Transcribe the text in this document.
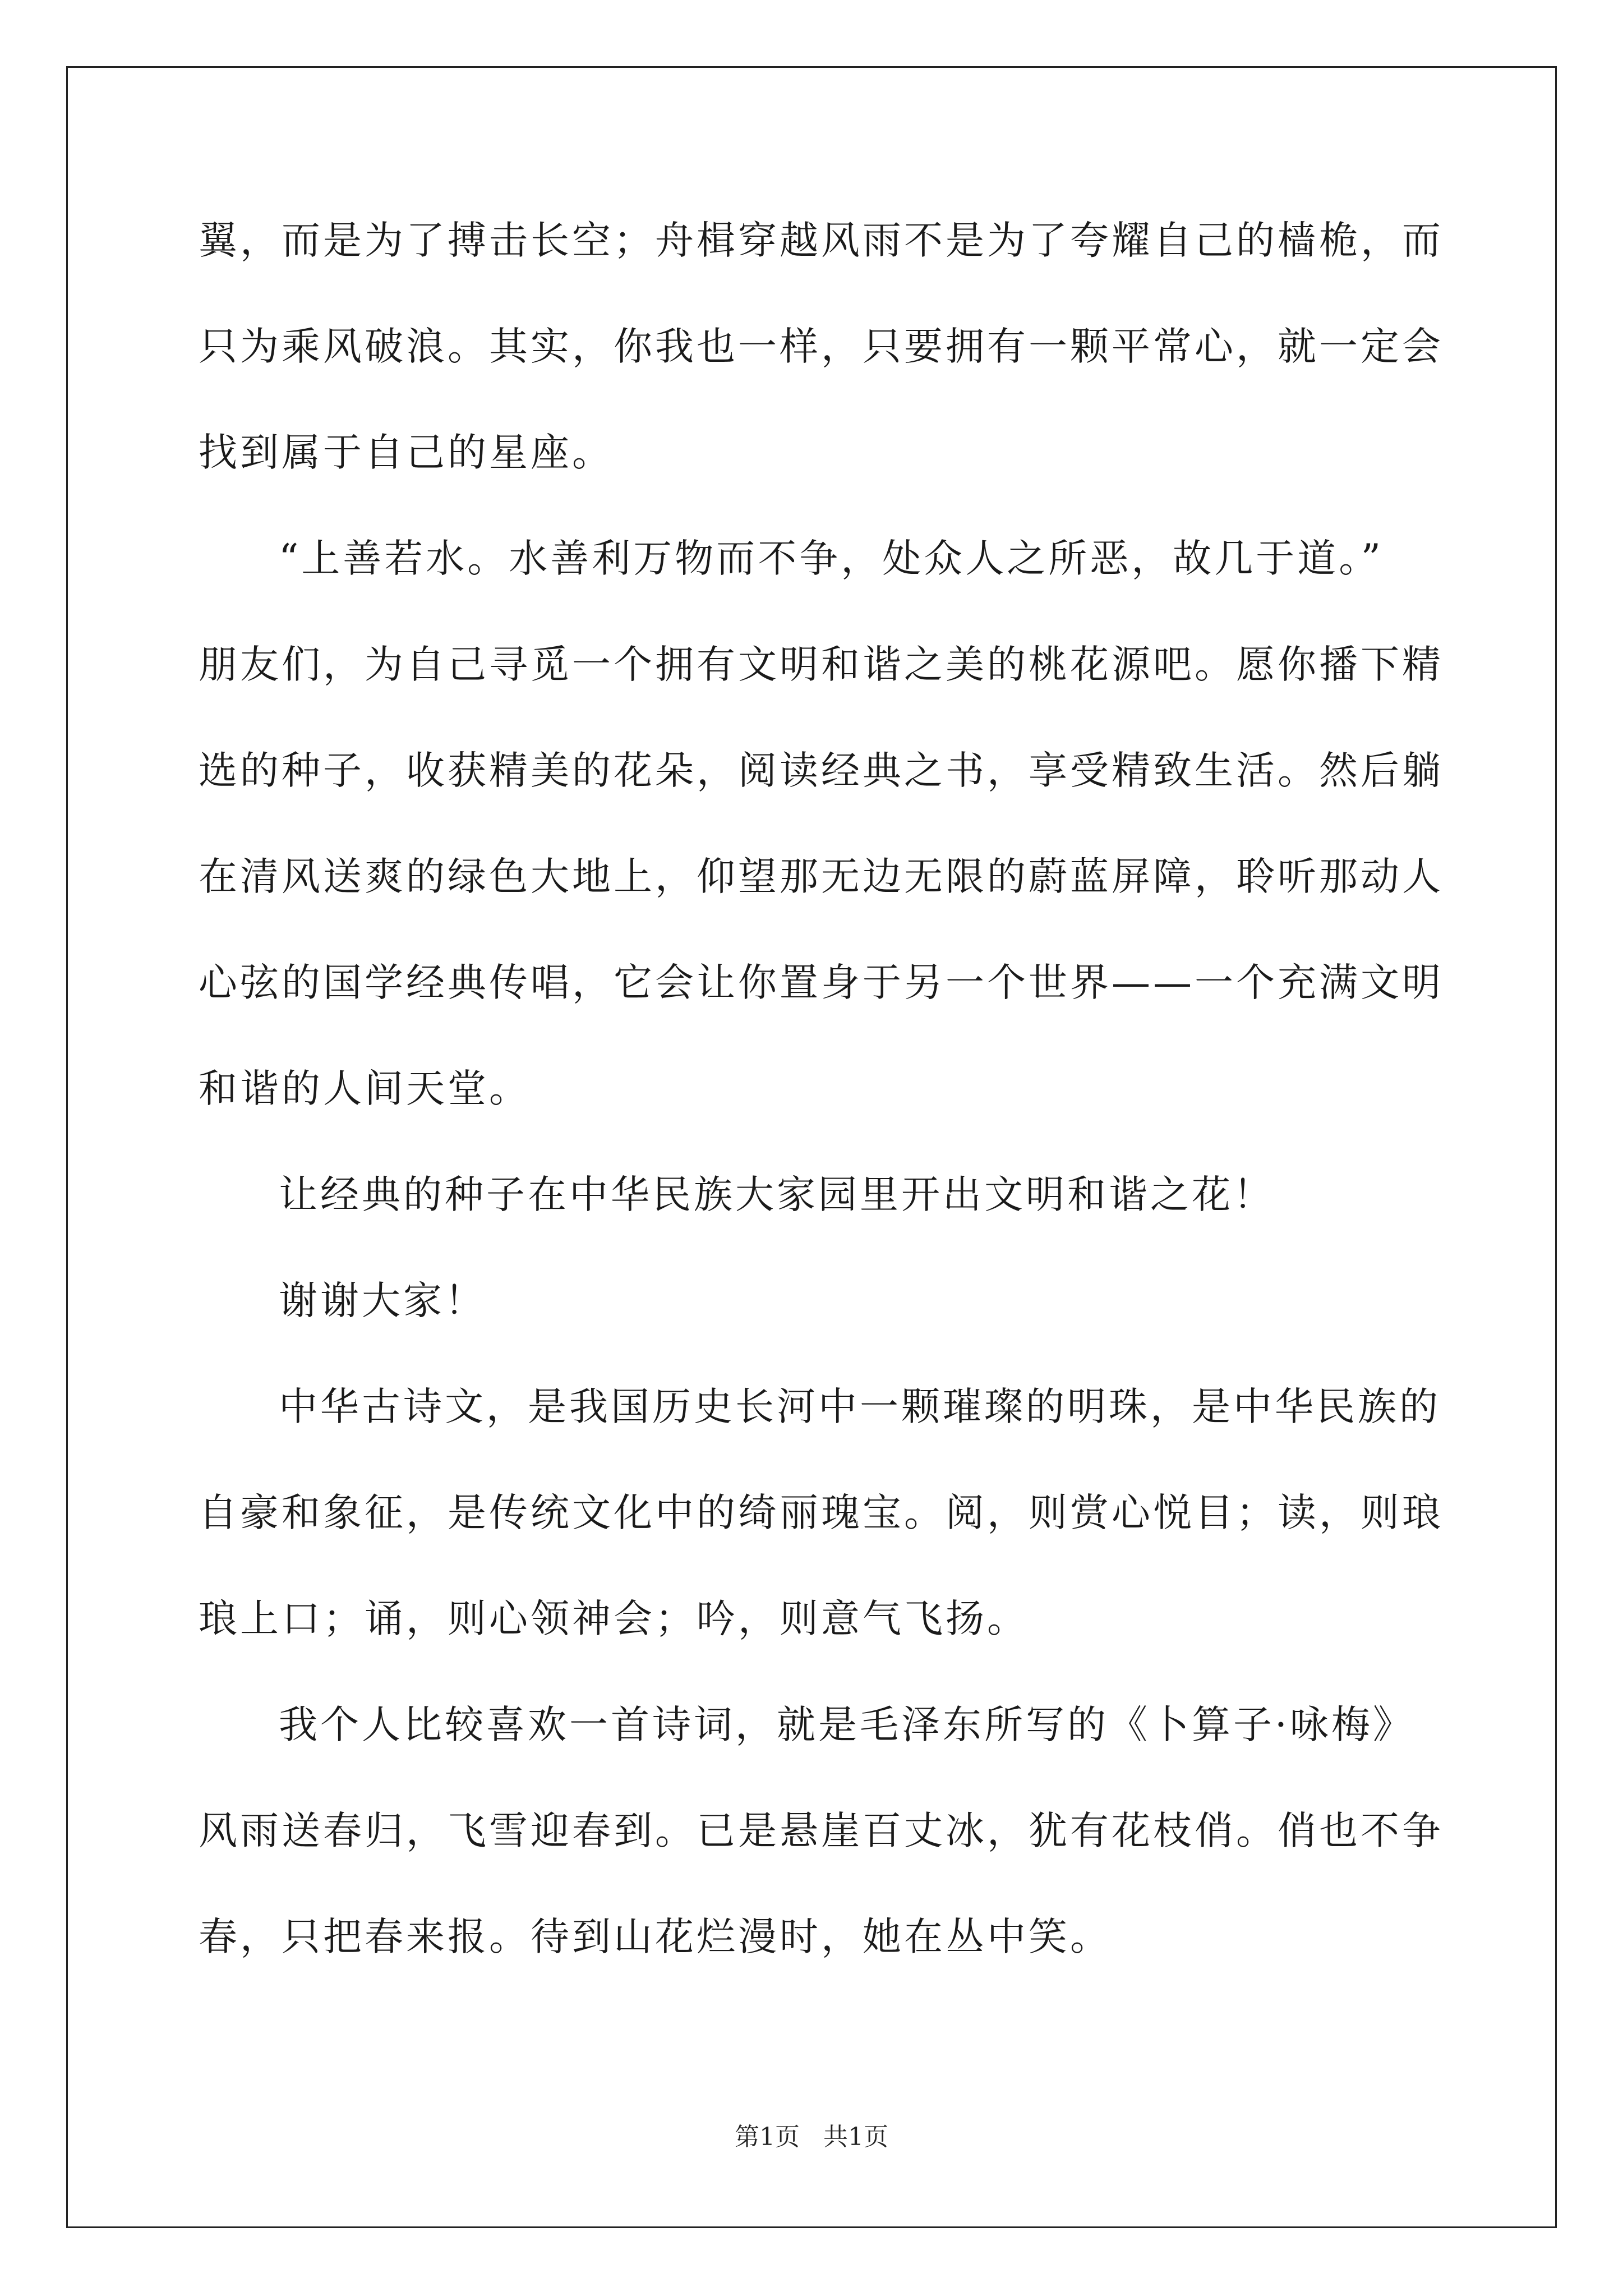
翼，而是为了搏击长空；舟楫穿越风雨不是为了夸耀自己的樯桅，而
只为乘风破浪。其实，你我也一样，只要拥有一颗平常心，就一定会
找到属于自己的星座。
“上善若水。水善利万物而不争，处众人之所恶，故几于道。”
朋友们，为自己寻觅一个拥有文明和谐之美的桃花源吧。愿你播下精
选的种子，收获精美的花朵，阅读经典之书，享受精致生活。然后躺
在清风送爽的绿色大地上，仰望那无边无限的蔚蓝屏障，聆听那动人
心弦的国学经典传唱，它会让你置身于另一个世界——一个充满文明
和谐的人间天堂。
让经典的种子在中华民族大家园里开出文明和谐之花！
谢谢大家！
中华古诗文，是我国历史长河中一颗璀璨的明珠，是中华民族的
自豪和象征，是传统文化中的绮丽瑰宝。阅，则赏心悦目；读，则琅
琅上口；诵，则心领神会；吟，则意气飞扬。
我个人比较喜欢一首诗词，就是毛泽东所写的《卜算子·咏梅》
风雨送春归，飞雪迎春到。已是悬崖百丈冰，犹有花枝俏。俏也不争
春，只把春来报。待到山花烂漫时，她在丛中笑。
第1页   共1页
